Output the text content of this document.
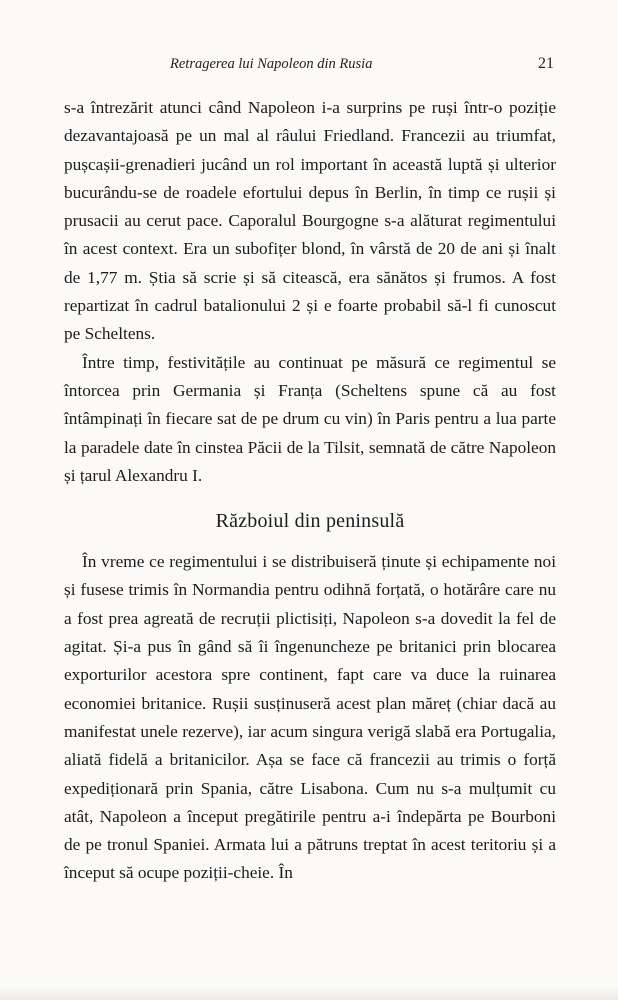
Retragerea lui Napoleon din Rusia	21

s-a întrezărit atunci când Napoleon i-a surprins pe ruși într-o poziție dezavantajoasă pe un mal al râului Friedland. Francezii au triumfat, pușcașii-grenadieri jucând un rol important în această luptă și ulterior bucurându-se de roadele efortului depus în Berlin, în timp ce rușii și prusacii au cerut pace. Caporalul Bourgogne s-a alăturat regimentului în acest context. Era un subofițer blond, în vârstă de 20 de ani și înalt de 1,77 m. Știa să scrie și să citească, era sănătos și frumos. A fost repartizat în cadrul batalionului 2 și e foarte probabil să-l fi cunoscut pe Scheltens.

Între timp, festivitățile au continuat pe măsură ce regimentul se întorcea prin Germania și Franța (Scheltens spune că au fost întâmpinați în fiecare sat de pe drum cu vin) în Paris pentru a lua parte la paradele date în cinstea Păcii de la Tilsit, semnată de către Napoleon și țarul Alexandru I.

Războiul din peninsulă

În vreme ce regimentului i se distribuiseră ținute și echipamente noi și fusese trimis în Normandia pentru odihnă forțată, o hotărâre care nu a fost prea agreată de recruții plictisiți, Napoleon s-a dovedit la fel de agitat. Și-a pus în gând să îi îngenuncheze pe britanici prin blocarea exporturilor acestora spre continent, fapt care va duce la ruinarea economiei britanice. Rușii susținuseră acest plan măreț (chiar dacă au manifestat unele rezerve), iar acum singura verigă slabă era Portugalia, aliată fidelă a britanicilor. Așa se face că francezii au trimis o forță expediționară prin Spania, către Lisabona. Cum nu s-a mulțumit cu atât, Napoleon a început pregătirile pentru a-i îndepărta pe Bourboni de pe tronul Spaniei. Armata lui a pătruns treptat în acest teritoriu și a început să ocupe poziții-cheie. În
